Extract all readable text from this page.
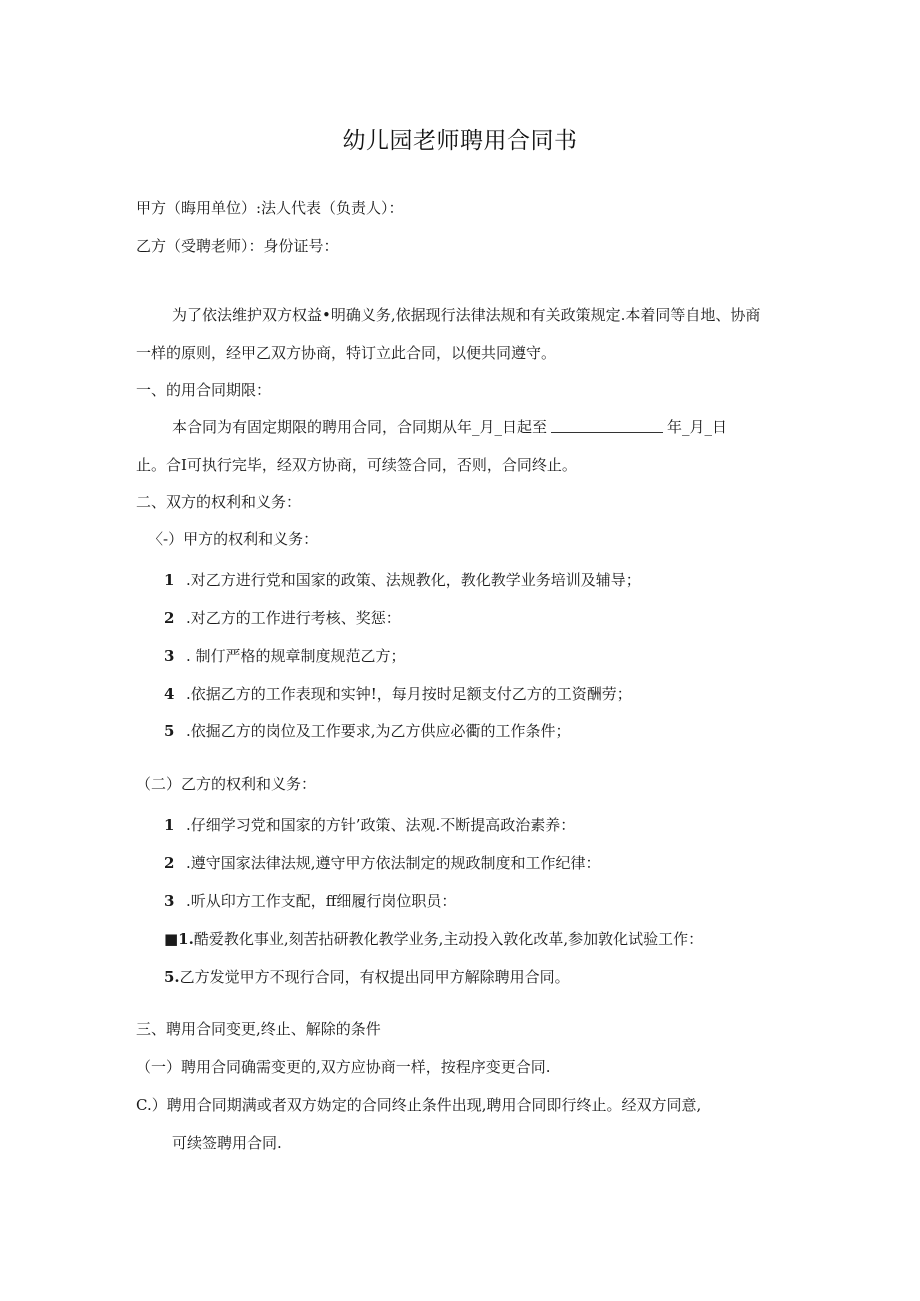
幼儿园老师聘用合同书
甲方（晦用单位）:法人代表（负责人）：
乙方（受聘老师）：身份证号：
为了依法维护双方权益•明确义务,依据现行法律法规和有关政策规定.本着同等自地、协商
一样的原则，经甲乙双方协商，特订立此合同，以便共同遵守。
一、的用合同期限：
本合同为有固定期限的聘用合同，合同期从年_月_日起至	年_月_日
止。合I可执行完毕，经双方协商，可续签合同，否则，合同终止。
二、双方的权利和义务：
〈-）甲方的权利和义务：
1 .对乙方进行党和国家的政策、法规教化，教化教学业务培训及辅导；
2 .对乙方的工作进行考核、奖惩：
3 . 制仃严格的规章制度规范乙方；
4 .依据乙方的工作表现和实钟!，每月按时足额支付乙方的工资酬劳；
5 .依掘乙方的岗位及工作要求,为乙方供应必衢的工作条件；
（二）乙方的权利和义务：
1 .仔细学习党和国家的方针’政策、法观.不断提高政治素养：
2 .遵守国家法律法规,遵守甲方依法制定的规政制度和工作纪律：
3 .听从印方工作支配，ff细履行岗位职员：
■1.酷爱教化事业,刻苦拈研教化教学业务,主动投入敦化改革,参加敦化试验工作：
5.乙方发觉甲方不现行合同，有权提出同甲方解除聘用合同。
三、聘用合同变更,终止、解除的条件
（一）聘用合同确需变更的,双方应协商一样，按程序变更合同.
C.）聘用合同期满或者双方妫定的合同终止条件出现,聘用合同即行终止。经双方同意,
可续签聘用合同.
